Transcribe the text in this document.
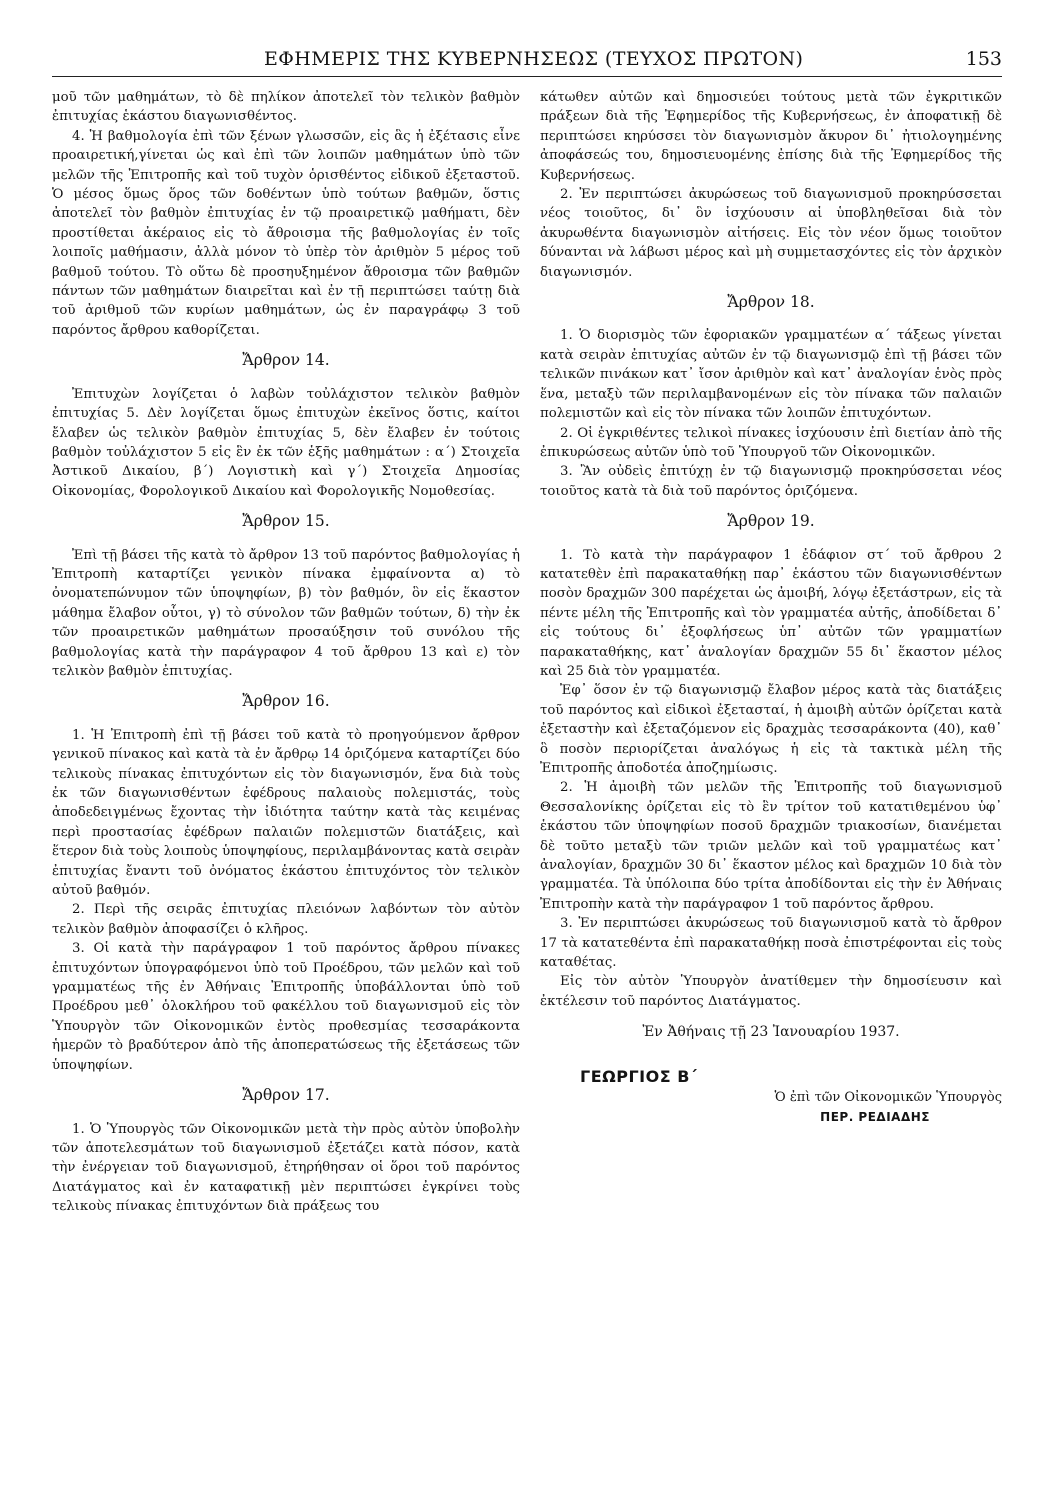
ΕΦΗΜΕΡΙΣ ΤΗΣ ΚΥΒΕΡΝΗΣΕΩΣ (ΤΕΥΧΟΣ ΠΡΩΤΟΝ)	153

μοῦ τῶν μαθημάτων, τὸ δὲ πηλίκον ἀποτελεῖ τὸν τελικὸν βαθμὸν ἐπιτυχίας ἑκάστου διαγωνισθέντος.

4. Ἡ βαθμολογία ἐπὶ τῶν ξένων γλωσσῶν, εἰς ἃς ἡ ἐξέτασις εἶνε προαιρετική,γίνεται ὡς καὶ ἐπὶ τῶν λοιπῶν μαθημάτων ὑπὸ τῶν μελῶν τῆς Ἐπιτροπῆς καὶ τοῦ τυχὸν ὁρισθέντος εἰδικοῦ ἐξεταστοῦ. Ὁ μέσος ὅμως ὅρος τῶν δοθέντων ὑπὸ τούτων βαθμῶν, ὅστις ἀποτελεῖ τὸν βαθμὸν ἐπιτυχίας ἐν τῷ προαιρετικῷ μαθήματι, δὲν προστίθεται ἀκέραιος εἰς τὸ ἄθροισμα τῆς βαθμολογίας ἐν τοῖς λοιποῖς μαθήμασιν, ἀλλὰ μόνον τὸ ὑπὲρ τὸν ἀριθμὸν 5 μέρος τοῦ βαθμοῦ τούτου. Τὸ οὕτω δὲ προσηυξημένον ἄθροισμα τῶν βαθμῶν πάντων τῶν μαθημάτων διαιρεῖται καὶ ἐν τῇ περιπτώσει ταύτῃ διὰ τοῦ ἀριθμοῦ τῶν κυρίων μαθημάτων, ὡς ἐν παραγράφῳ 3 τοῦ παρόντος ἄρθρου καθορίζεται.

Ἄρθρον 14.

Ἐπιτυχὼν λογίζεται ὁ λαβὼν τοὐλάχιστον τελικὸν βαθμὸν ἐπιτυχίας 5. Δὲν λογίζεται ὅμως ἐπιτυχὼν ἐκεῖνος ὅστις, καίτοι ἔλαβεν ὡς τελικὸν βαθμὸν ἐπιτυχίας 5, δὲν ἔλαβεν ἐν τούτοις βαθμὸν τοὐλάχιστον 5 εἰς ἓν ἐκ τῶν ἑξῆς μαθημάτων : α΄) Στοιχεῖα Ἀστικοῦ Δικαίου, β΄) Λογιστικὴ καὶ γ΄) Στοιχεῖα Δημοσίας Οἰκονομίας, Φορολογικοῦ Δικαίου καὶ Φορολογικῆς Νομοθεσίας.

Ἄρθρον 15.

Ἐπὶ τῇ βάσει τῆς κατὰ τὸ ἄρθρον 13 τοῦ παρόντος βαθμολογίας ἡ Ἐπιτροπὴ καταρτίζει γενικὸν πίνακα ἐμφαίνοντα α) τὸ ὀνοματεπώνυμον τῶν ὑποψηφίων, β) τὸν βαθμόν, ὃν εἰς ἕκαστον μάθημα ἔλαβον οὗτοι, γ) τὸ σύνολον τῶν βαθμῶν τούτων, δ) τὴν ἐκ τῶν προαιρετικῶν μαθημάτων προσαύξησιν τοῦ συνόλου τῆς βαθμολογίας κατὰ τὴν παράγραφον 4 τοῦ ἄρθρου 13 καὶ ε) τὸν τελικὸν βαθμὸν ἐπιτυχίας.

Ἄρθρον 16.

1. Ἡ Ἐπιτροπὴ ἐπὶ τῇ βάσει τοῦ κατὰ τὸ προηγούμενον ἄρθρον γενικοῦ πίνακος καὶ κατὰ τὰ ἐν ἄρθρῳ 14 ὁριζόμενα καταρτίζει δύο τελικοὺς πίνακας ἐπιτυχόντων εἰς τὸν διαγωνισμόν, ἕνα διὰ τοὺς ἐκ τῶν διαγωνισθέντων ἐφέδρους παλαιοὺς πολεμιστάς, τοὺς ἀποδεδειγμένως ἔχοντας τὴν ἰδιότητα ταύτην κατὰ τὰς κειμένας περὶ προστασίας ἐφέδρων παλαιῶν πολεμιστῶν διατάξεις, καὶ ἕτερον διὰ τοὺς λοιποὺς ὑποψηφίους, περιλαμβάνοντας κατὰ σειρὰν ἐπιτυχίας ἔναντι τοῦ ὀνόματος ἑκάστου ἐπιτυχόντος τὸν τελικὸν αὐτοῦ βαθμόν.

2. Περὶ τῆς σειρᾶς ἐπιτυχίας πλειόνων λαβόντων τὸν αὐτὸν τελικὸν βαθμὸν ἀποφασίζει ὁ κλῆρος.

3. Οἱ κατὰ τὴν παράγραφον 1 τοῦ παρόντος ἄρθρου πίνακες ἐπιτυχόντων ὑπογραφόμενοι ὑπὸ τοῦ Προέδρου, τῶν μελῶν καὶ τοῦ γραμματέως τῆς ἐν Ἀθήναις Ἐπιτροπῆς ὑποβάλλονται ὑπὸ τοῦ Προέδρου μεθ᾽ ὁλοκλήρου τοῦ φακέλλου τοῦ διαγωνισμοῦ εἰς τὸν Ὑπουργὸν τῶν Οἰκονομικῶν ἐντὸς προθεσμίας τεσσαράκοντα ἡμερῶν τὸ βραδύτερον ἀπὸ τῆς ἀποπερατώσεως τῆς ἐξετάσεως τῶν ὑποψηφίων.

Ἄρθρον 17.

1. Ὁ Ὑπουργὸς τῶν Οἰκονομικῶν μετὰ τὴν πρὸς αὐτὸν ὑποβολὴν τῶν ἀποτελεσμάτων τοῦ διαγωνισμοῦ ἐξετάζει κατὰ πόσον, κατὰ τὴν ἐνέργειαν τοῦ διαγωνισμοῦ, ἐτηρήθησαν οἱ ὅροι τοῦ παρόντος Διατάγματος καὶ ἐν καταφατικῇ μὲν περιπτώσει ἐγκρίνει τοὺς τελικοὺς πίνακας ἐπιτυχόντων διὰ πράξεως του

κάτωθεν αὐτῶν καὶ δημοσιεύει τούτους μετὰ τῶν ἐγκριτικῶν πράξεων διὰ τῆς Ἐφημερίδος τῆς Κυβερνήσεως, ἐν ἀποφατικῇ δὲ περιπτώσει κηρύσσει τὸν διαγωνισμὸν ἄκυρον δι᾽ ἠτιολογημένης ἀποφάσεώς του, δημοσιευομένης ἐπίσης διὰ τῆς Ἐφημερίδος τῆς Κυβερνήσεως.

2. Ἐν περιπτώσει ἀκυρώσεως τοῦ διαγωνισμοῦ προκηρύσσεται νέος τοιοῦτος, δι᾽ ὃν ἰσχύουσιν αἱ ὑποβληθεῖσαι διὰ τὸν ἀκυρωθέντα διαγωνισμὸν αἰτήσεις. Εἰς τὸν νέον ὅμως τοιοῦτον δύνανται νὰ λάβωσι μέρος καὶ μὴ συμμετασχόντες εἰς τὸν ἀρχικὸν διαγωνισμόν.

Ἄρθρον 18.

1. Ὁ διορισμὸς τῶν ἐφοριακῶν γραμματέων α΄ τάξεως γίνεται κατὰ σειρὰν ἐπιτυχίας αὐτῶν ἐν τῷ διαγωνισμῷ ἐπὶ τῇ βάσει τῶν τελικῶν πινάκων κατ᾽ ἴσον ἀριθμὸν καὶ κατ᾽ ἀναλογίαν ἑνὸς πρὸς ἕνα, μεταξὺ τῶν περιλαμβανομένων εἰς τὸν πίνακα τῶν παλαιῶν πολεμιστῶν καὶ εἰς τὸν πίνακα τῶν λοιπῶν ἐπιτυχόντων.

2. Οἱ ἐγκριθέντες τελικοὶ πίνακες ἰσχύουσιν ἐπὶ διετίαν ἀπὸ τῆς ἐπικυρώσεως αὐτῶν ὑπὸ τοῦ Ὑπουργοῦ τῶν Οἰκονομικῶν.

3. Ἂν οὐδεὶς ἐπιτύχῃ ἐν τῷ διαγωνισμῷ προκηρύσσεται νέος τοιοῦτος κατὰ τὰ διὰ τοῦ παρόντος ὁριζόμενα.

Ἄρθρον 19.

1. Τὸ κατὰ τὴν παράγραφον 1 ἐδάφιον στ΄ τοῦ ἄρθρου 2 κατατεθὲν ἐπὶ παρακαταθήκῃ παρ᾽ ἑκάστου τῶν διαγωνισθέντων ποσὸν δραχμῶν 300 παρέχεται ὡς ἀμοιβή, λόγῳ ἐξετάστρων, εἰς τὰ πέντε μέλη τῆς Ἐπιτροπῆς καὶ τὸν γραμματέα αὐτῆς, ἀποδίδεται δ᾽ εἰς τούτους δι᾽ ἐξοφλήσεως ὑπ᾽ αὐτῶν τῶν γραμματίων παρακαταθήκης, κατ᾽ ἀναλογίαν δραχμῶν 55 δι᾽ ἕκαστον μέλος καὶ 25 διὰ τὸν γραμματέα.

Ἐφ᾽ ὅσον ἐν τῷ διαγωνισμῷ ἔλαβον μέρος κατὰ τὰς διατάξεις τοῦ παρόντος καὶ εἰδικοὶ ἐξετασταί, ἡ ἀμοιβὴ αὐτῶν ὁρίζεται κατὰ ἐξεταστὴν καὶ ἐξεταζόμενον εἰς δραχμὰς τεσσαράκοντα (40), καθ᾽ ὃ ποσὸν περιορίζεται ἀναλόγως ἡ εἰς τὰ τακτικὰ μέλη τῆς Ἐπιτροπῆς ἀποδοτέα ἀποζημίωσις.

2. Ἡ ἀμοιβὴ τῶν μελῶν τῆς Ἐπιτροπῆς τοῦ διαγωνισμοῦ Θεσσαλονίκης ὁρίζεται εἰς τὸ ἓν τρίτον τοῦ κατατιθεμένου ὑφ᾽ ἑκάστου τῶν ὑποψηφίων ποσοῦ δραχμῶν τριακοσίων, διανέμεται δὲ τοῦτο μεταξὺ τῶν τριῶν μελῶν καὶ τοῦ γραμματέως κατ᾽ ἀναλογίαν, δραχμῶν 30 δι᾽ ἕκαστον μέλος καὶ δραχμῶν 10 διὰ τὸν γραμματέα. Τὰ ὑπόλοιπα δύο τρίτα ἀποδίδονται εἰς τὴν ἐν Ἀθήναις Ἐπιτροπὴν κατὰ τὴν παράγραφον 1 τοῦ παρόντος ἄρθρου.

3. Ἐν περιπτώσει ἀκυρώσεως τοῦ διαγωνισμοῦ κατὰ τὸ ἄρθρον 17 τὰ κατατεθέντα ἐπὶ παρακαταθήκῃ ποσὰ ἐπιστρέφονται εἰς τοὺς καταθέτας.

Εἰς τὸν αὐτὸν Ὑπουργὸν ἀνατίθεμεν τὴν δημοσίευσιν καὶ ἐκτέλεσιν τοῦ παρόντος Διατάγματος.

Ἐν Ἀθήναις τῇ 23 Ἰανουαρίου 1937.
ΓΕΩΡΓΙΟΣ Β΄
Ὁ ἐπὶ τῶν Οἰκονομικῶν Ὑπουργὸς
ΠΕΡ. ΡΕΔΙΑΔΗΣ
